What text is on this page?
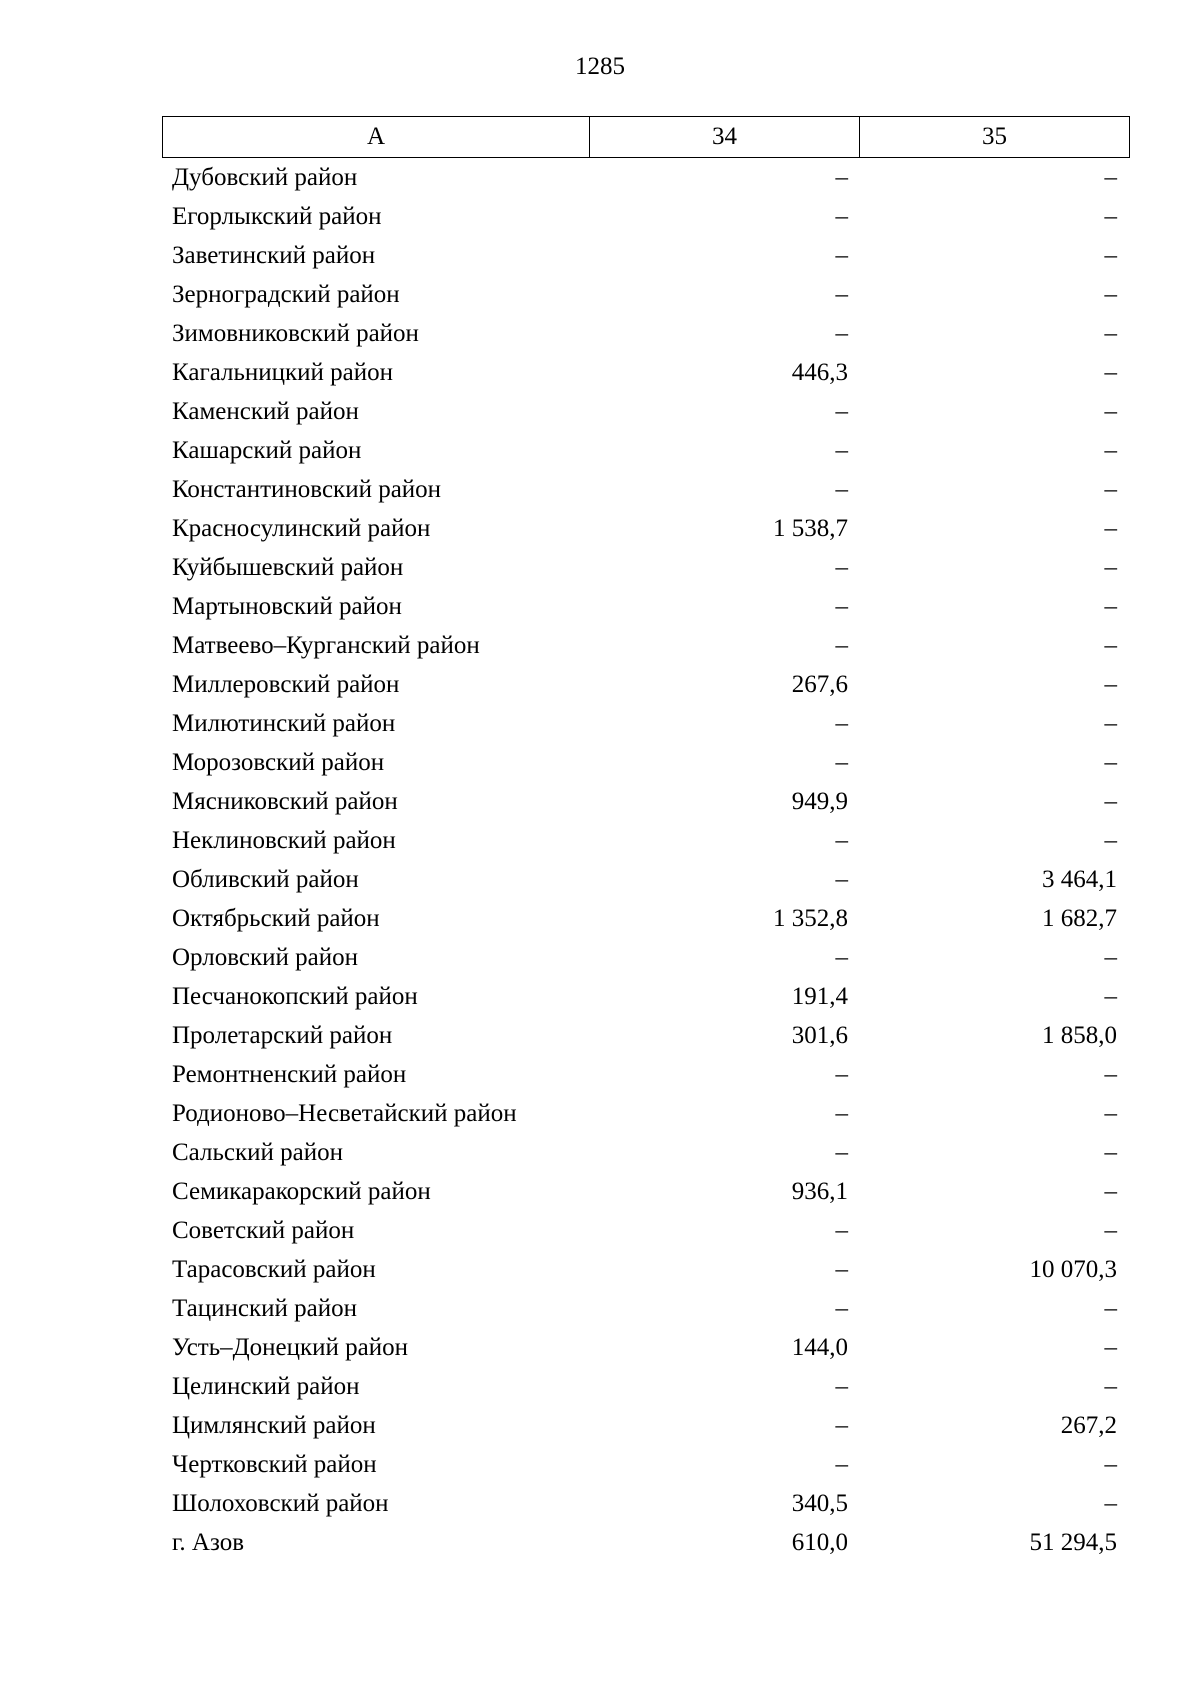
1285
А	34	35
Дубовский район	–	–
Егорлыкский район	–	–
Заветинский район	–	–
Зерноградский район	–	–
Зимовниковский район	–	–
Кагальницкий район	446,3	–
Каменский район	–	–
Кашарский район	–	–
Константиновский район	–	–
Красносулинский район	1 538,7	–
Куйбышевский район	–	–
Мартыновский район	–	–
Матвеево–Курганский район	–	–
Миллеровский район	267,6	–
Милютинский район	–	–
Морозовский район	–	–
Мясниковский район	949,9	–
Неклиновский район	–	–
Обливский район	–	3 464,1
Октябрьский район	1 352,8	1 682,7
Орловский район	–	–
Песчанокопский район	191,4	–
Пролетарский район	301,6	1 858,0
Ремонтненский район	–	–
Родионово–Несветайский район	–	–
Сальский район	–	–
Семикаракорский район	936,1	–
Советский район	–	–
Тарасовский район	–	10 070,3
Тацинский район	–	–
Усть–Донецкий район	144,0	–
Целинский район	–	–
Цимлянский район	–	267,2
Чертковский район	–	–
Шолоховский район	340,5	–
г. Азов	610,0	51 294,5
